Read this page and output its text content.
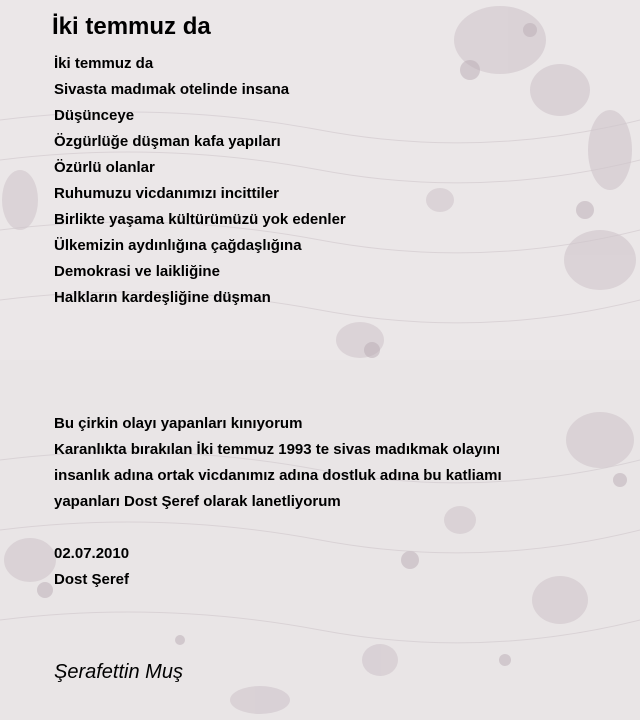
İki temmuz da
İki temmuz da
Sivasta madımak otelinde insana
Düşünceye
Özgürlüğe düşman kafa yapıları
Özürlü olanlar
Ruhumuzu vicdanımızı incittiler
Birlikte yaşama kültürümüzü yok edenler
Ülkemizin aydınlığına çağdaşlığına
Demokrasi ve laikliğine
Halkların kardeşliğine düşman
Bu çirkin olayı yapanları kınıyorum
Karanlıkta bırakılan İki temmuz 1993 te sivas madıkmak olayını
insanlık adına ortak vicdanımız adına dostluk adına bu katliamı
yapanları Dost Şeref olarak lanetliyorum
02.07.2010
Dost Şeref
Şerafettin Muş
